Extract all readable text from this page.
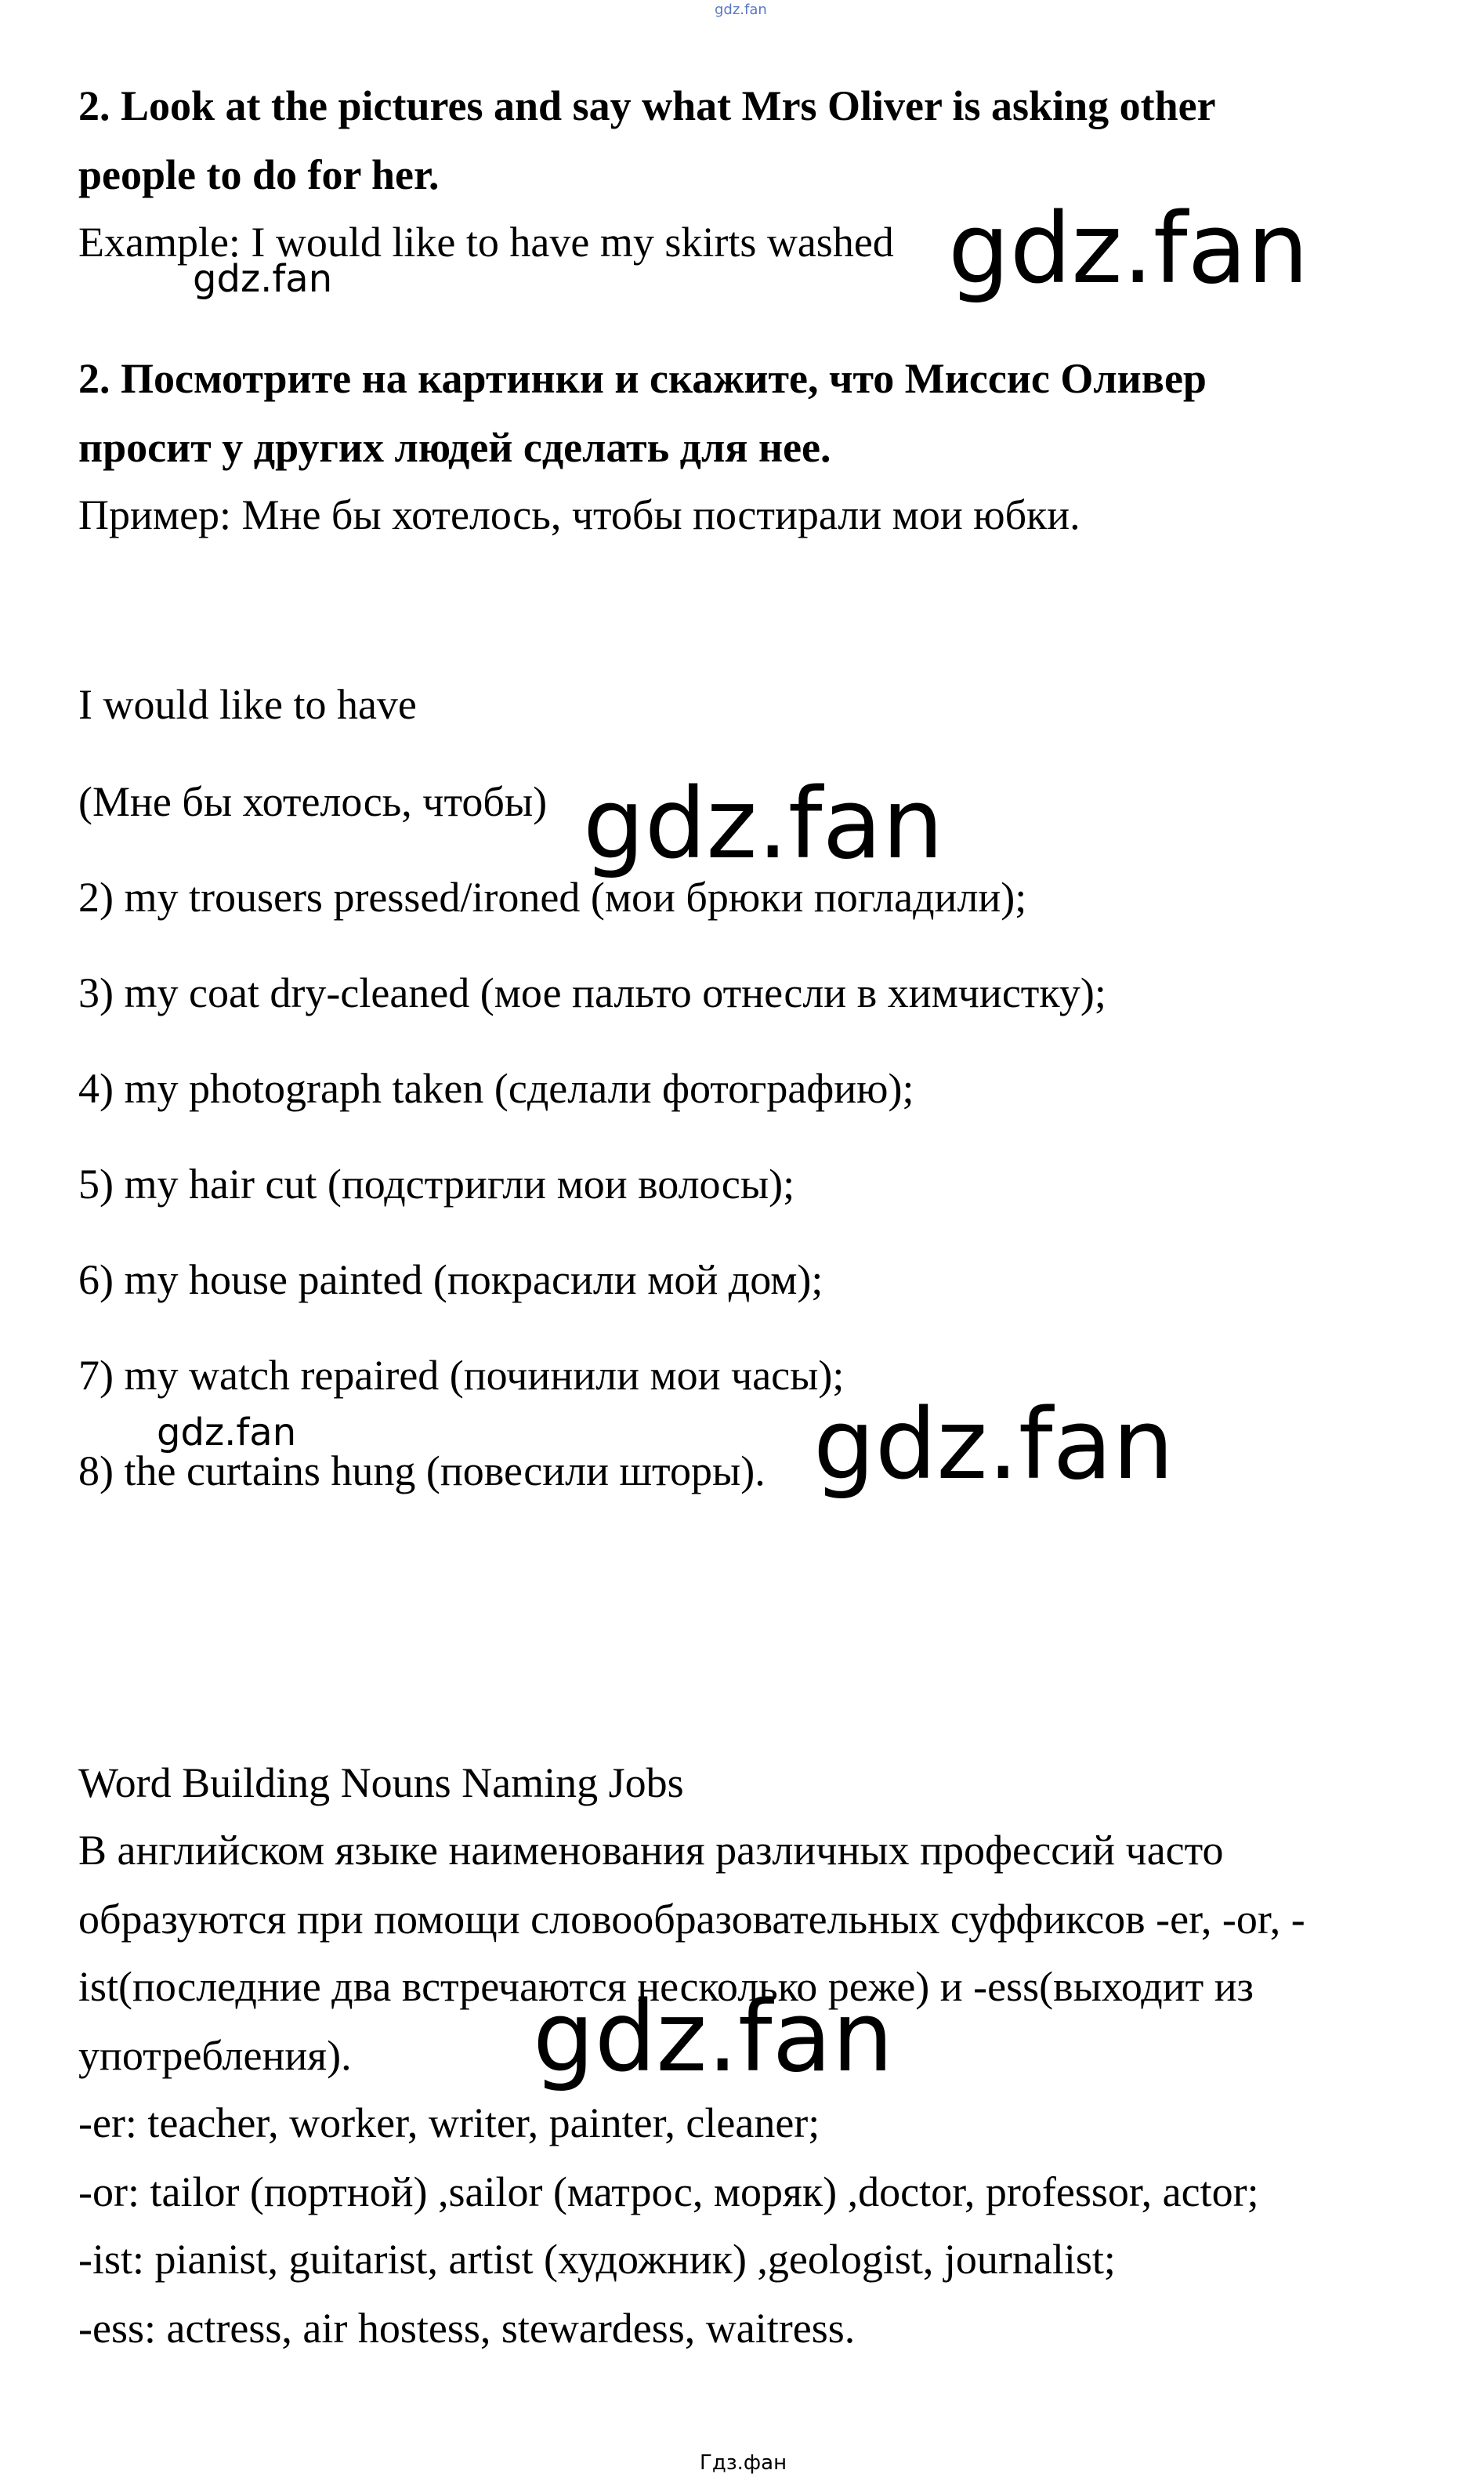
gdz.fan

2. Look at the pictures and say what Mrs Oliver is asking other

people to do for her.

Example: I would like to have my skirts washed

2. Посмотрите на картинки и скажите, что Миссис Оливер

просит у других людей сделать для нее.

Пример: Мне бы хотелось, чтобы постирали мои юбки.

I would like to have

(Мне бы хотелось, чтобы)

2) my trousers pressed/ironed (мои брюки погладили);

3) my coat dry-cleaned (мое пальто отнесли в химчистку);

4) my photograph taken (сделали фотографию);

5) my hair cut (подстригли мои волосы);

6) my house painted (покрасили мой дом);

7) my watch repaired (починили мои часы);

8) the curtains hung (повесили шторы).

Word Building Nouns Naming Jobs

В английском языке наименования различных профессий часто

образуются при помощи словообразовательных суффиксов -er, -or, -

ist(последние два встречаются несколько реже) и -ess(выходит из

употребления).

-er: teacher, worker, writer, painter, cleaner;

-or: tailor (портной) ,sailor (матрос, моряк) ,doctor, professor, actor;

-ist: pianist, guitarist, artist (художник) ,geologist, journalist;

-ess: actress, air hostess, stewardess, waitress.

gdz.fan
gdz.fan
gdz.fan
gdz.fan	gdz.fan
gdz.fan
Гдз.фан
